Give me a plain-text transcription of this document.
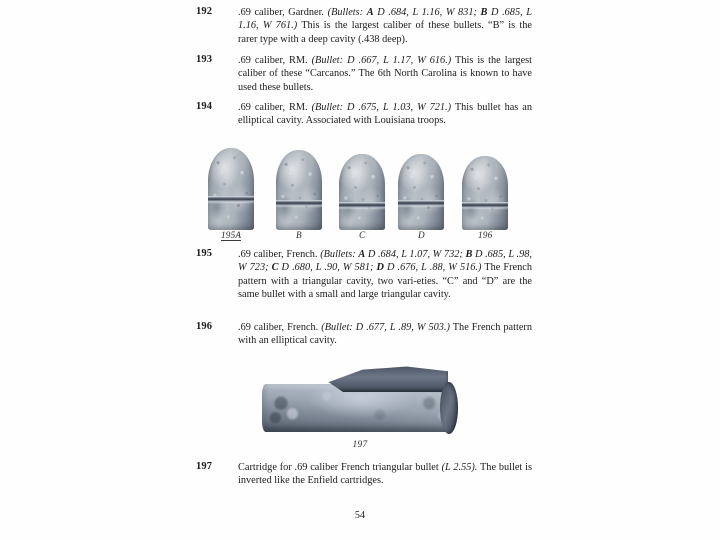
192	.69 caliber, Gardner. (Bullets: A D .684, L 1.16, W 831; B D .685, L 1.16, W 761.) This is the largest caliber of these bullets. “B” is the rarer type with a deep cavity (.438 deep).
193	.69 caliber, RM. (Bullet: D .667, L 1.17, W 616.) This is the largest caliber of these “Carcanos.” The 6th North Carolina is known to have used these bullets.
194	.69 caliber, RM. (Bullet: D .675, L 1.03, W 721.) This bullet has an elliptical cavity. Associated with Louisiana troops.
195A	B	C	D	196
195	.69 caliber, French. (Bullets: A D .684, L 1.07, W 732; B D .685, L .98, W 723; C D .680, L .90, W 581; D D .676, L .88, W 516.) The French pattern with a triangular cavity, two vari-eties. “C” and “D” are the same bullet with a small and large triangular cavity.
196	.69 caliber, French. (Bullet: D .677, L .89, W 503.) The French pattern with an elliptical cavity.
197
197	Cartridge for .69 caliber French triangular bullet (L 2.55). The bullet is inverted like the Enfield cartridges.
54
